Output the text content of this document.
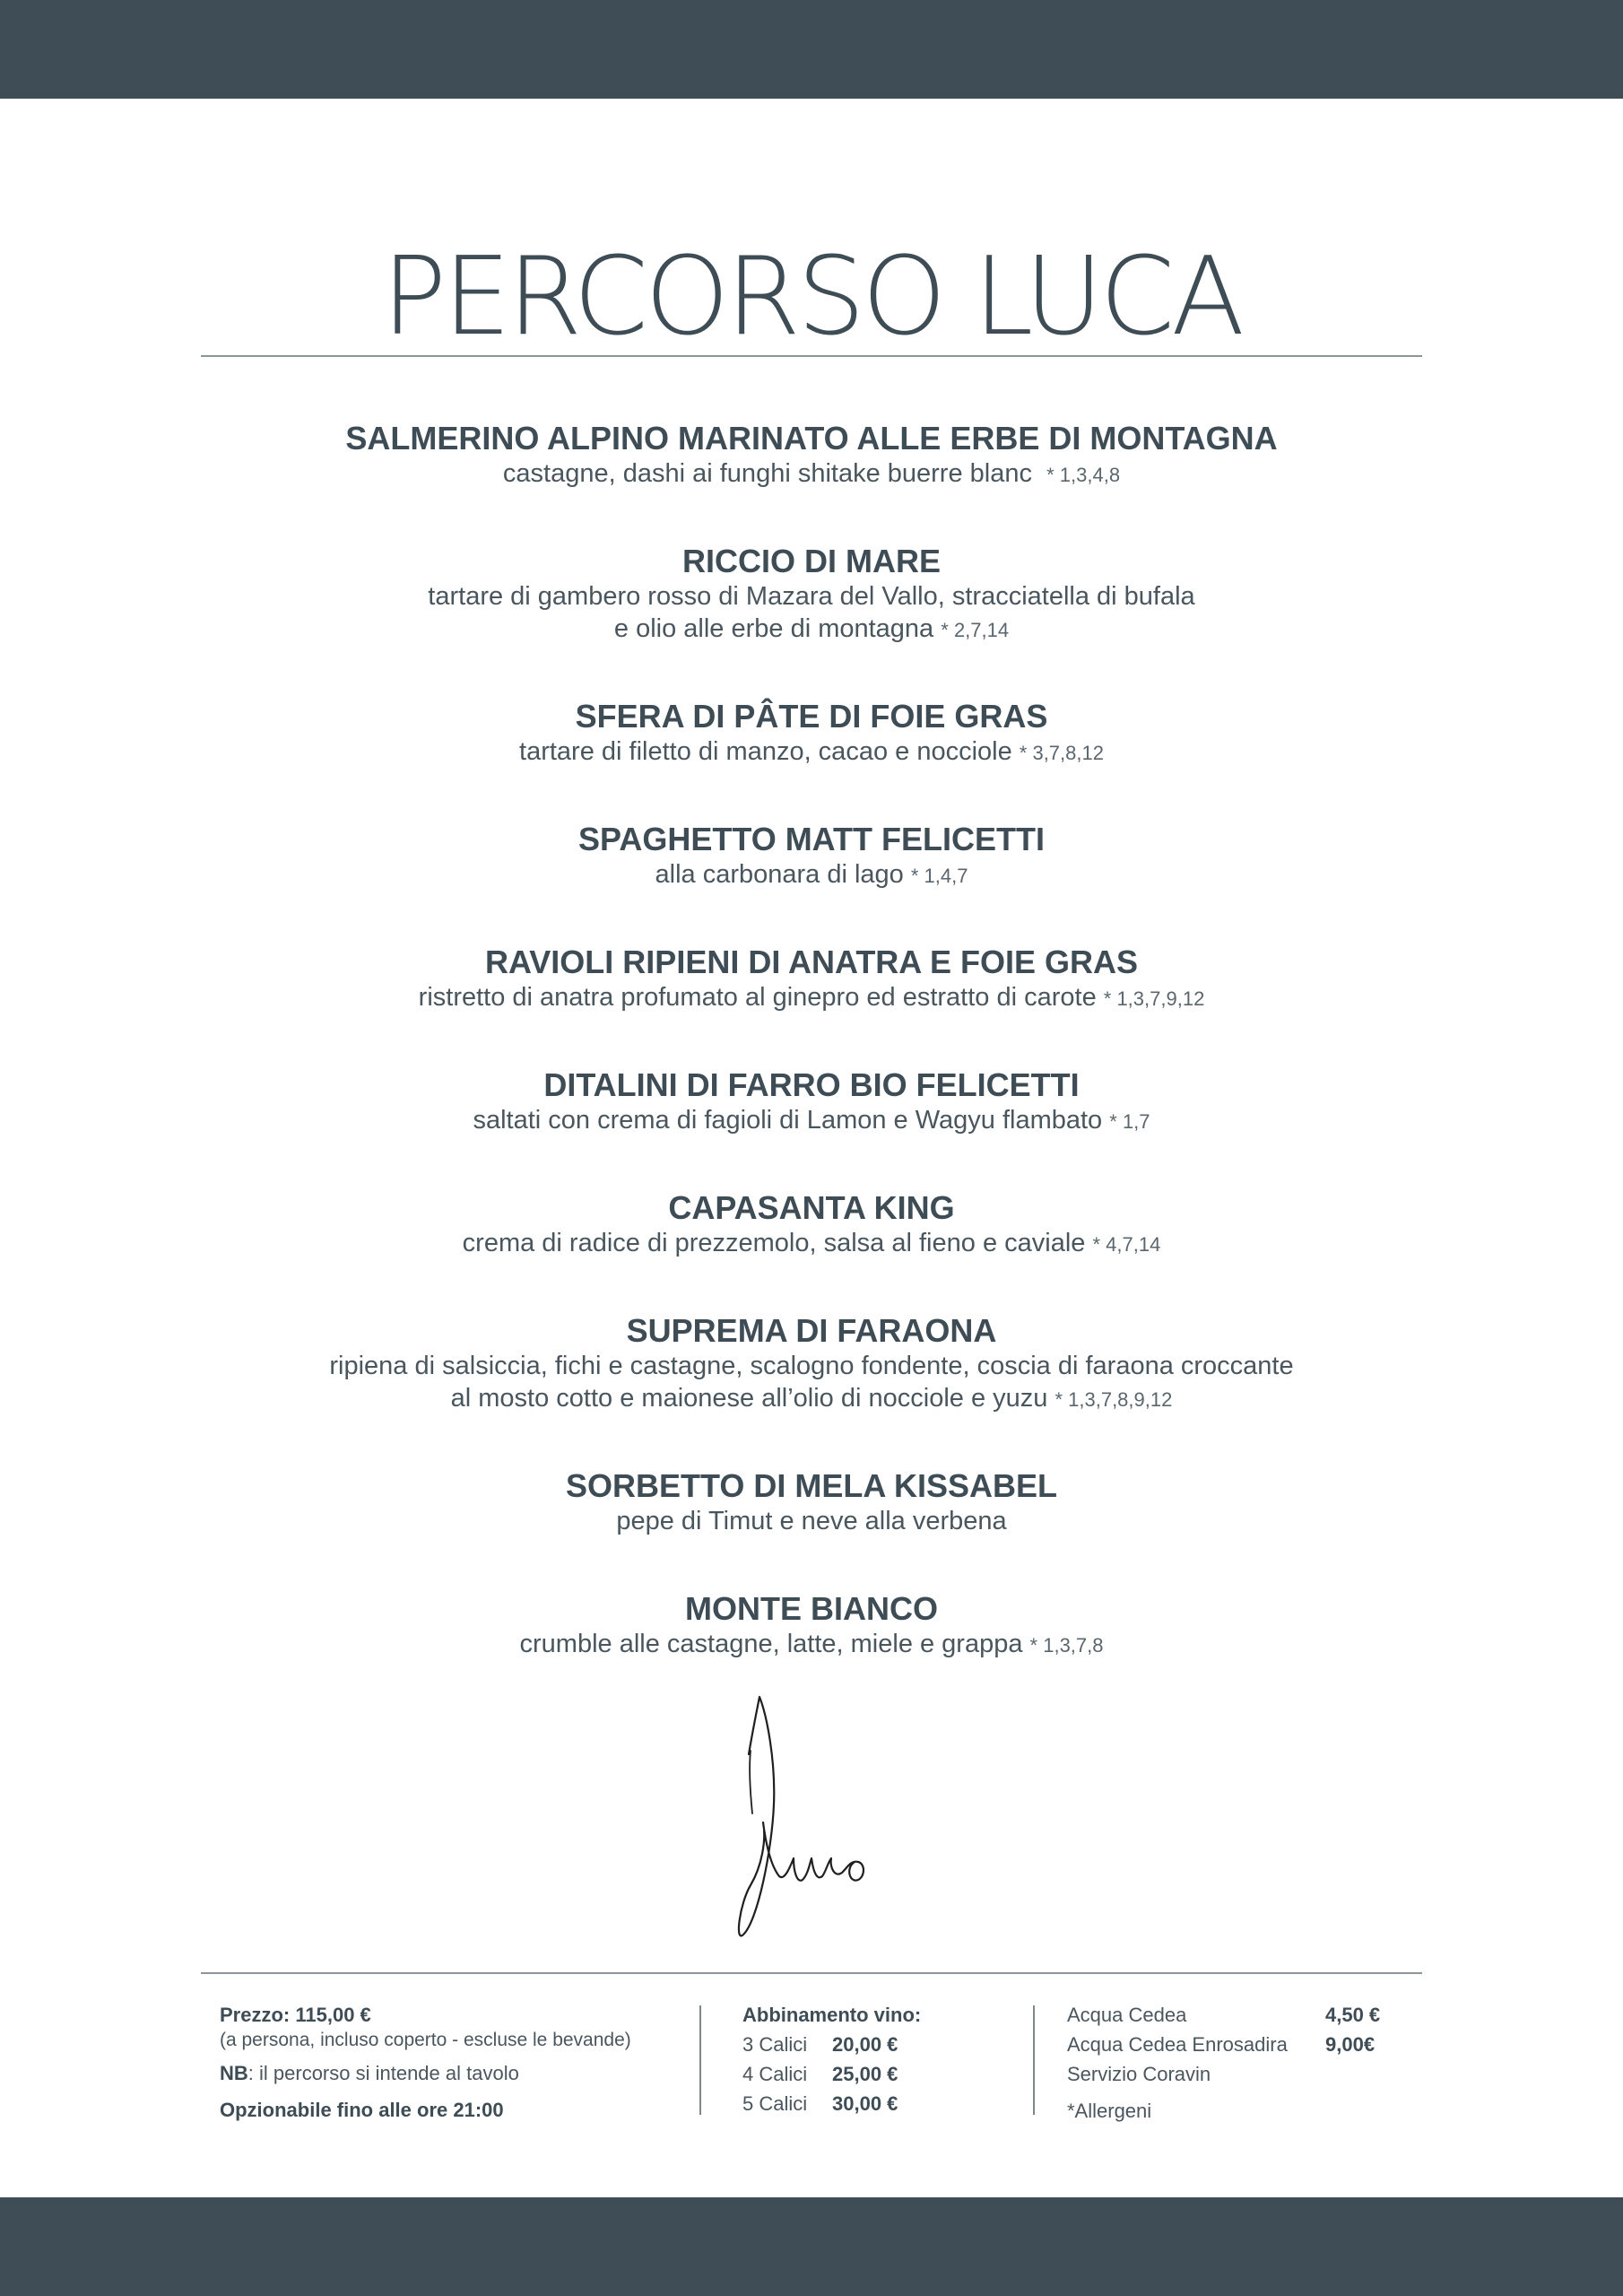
PERCORSO LUCA
SALMERINO ALPINO MARINATO ALLE ERBE DI MONTAGNA
castagne, dashi ai funghi shitake buerre blanc * 1,3,4,8
RICCIO DI MARE
tartare di gambero rosso di Mazara del Vallo, stracciatella di bufala
e olio alle erbe di montagna * 2,7,14
SFERA DI PÂTE DI FOIE GRAS
tartare di filetto di manzo, cacao e nocciole * 3,7,8,12
SPAGHETTO MATT FELICETTI
alla carbonara di lago * 1,4,7
RAVIOLI RIPIENI DI ANATRA E FOIE GRAS
ristretto di anatra profumato al ginepro ed estratto di carote * 1,3,7,9,12
DITALINI DI FARRO BIO FELICETTI
saltati con crema di fagioli di Lamon e Wagyu flambato * 1,7
CAPASANTA KING
crema di radice di prezzemolo, salsa al fieno e caviale * 4,7,14
SUPREMA DI FARAONA
ripiena di salsiccia, fichi e castagne, scalogno fondente, coscia di faraona croccante
al mosto cotto e maionese all’olio di nocciole e yuzu * 1,3,7,8,9,12
SORBETTO DI MELA KISSABEL
pepe di Timut e neve alla verbena
MONTE BIANCO
crumble alle castagne, latte, miele e grappa * 1,3,7,8
Prezzo: 115,00 €
(a persona, incluso coperto - escluse le bevande)
NB: il percorso si intende al tavolo
Opzionabile fino alle ore 21:00
Abbinamento vino:
3 Calici	20,00 €
4 Calici	25,00 €
5 Calici	30,00 €
Acqua Cedea	4,50 €
Acqua Cedea Enrosadira	9,00€
Servizio Coravin
*Allergeni
